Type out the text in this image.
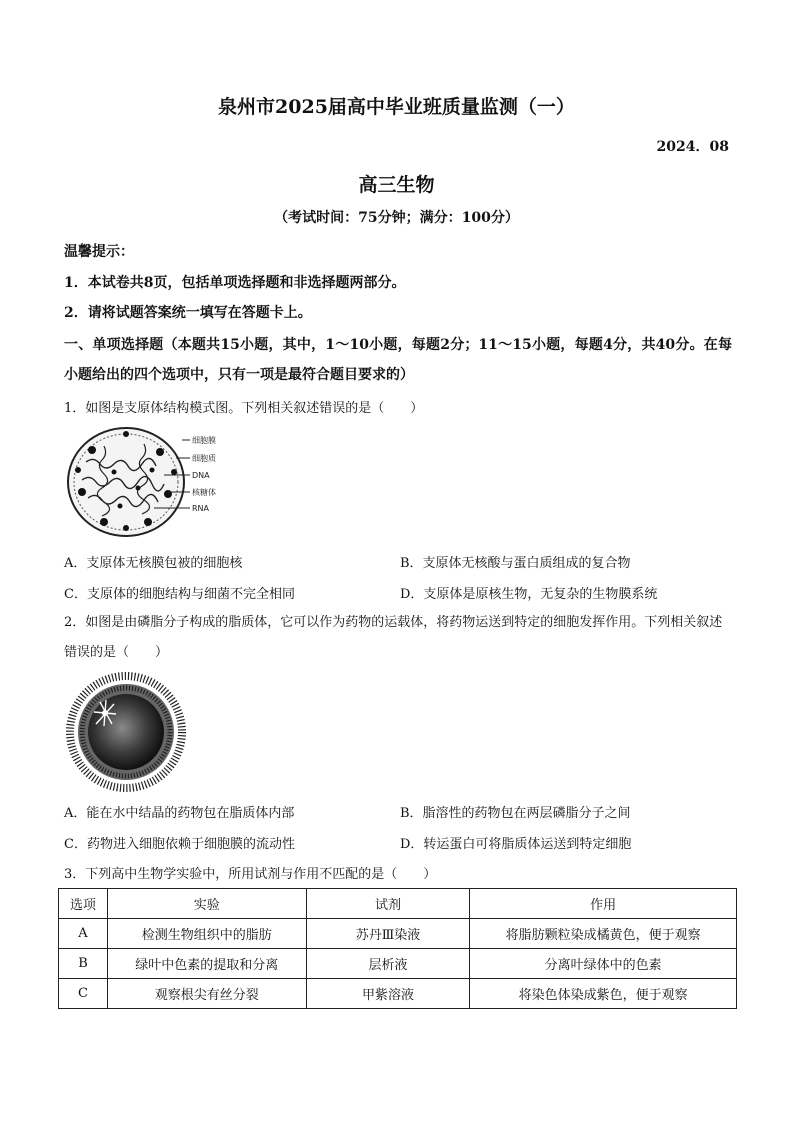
泉州市2025届高中毕业班质量监测（一）
2024．08
高三生物
（考试时间：75分钟；满分：100分）
温馨提示：
1．本试卷共8页，包括单项选择题和非选择题两部分。
2．请将试题答案统一填写在答题卡上。
一、单项选择题（本题共15小题，其中，1～10小题，每题2分；11～15小题，每题4分，共40分。在每小题给出的四个选项中，只有一项是最符合题目要求的）
1．如图是支原体结构模式图。下列相关叙述错误的是（　　）
细胞膜
细胞质
DNA
核糖体
RNA
A．支原体无核膜包被的细胞核	B．支原体无核酸与蛋白质组成的复合物
C．支原体的细胞结构与细菌不完全相同	D．支原体是原核生物，无复杂的生物膜系统
2．如图是由磷脂分子构成的脂质体，它可以作为药物的运载体，将药物运送到特定的细胞发挥作用。下列相关叙述错误的是（　　）
A．能在水中结晶的药物包在脂质体内部	B．脂溶性的药物包在两层磷脂分子之间
C．药物进入细胞依赖于细胞膜的流动性	D．转运蛋白可将脂质体运送到特定细胞
3．下列高中生物学实验中，所用试剂与作用不匹配的是（　　）
选项	实验	试剂	作用
A	检测生物组织中的脂肪	苏丹Ⅲ染液	将脂肪颗粒染成橘黄色，便于观察
B	绿叶中色素的提取和分离	层析液	分离叶绿体中的色素
C	观察根尖有丝分裂	甲紫溶液	将染色体染成紫色，便于观察
